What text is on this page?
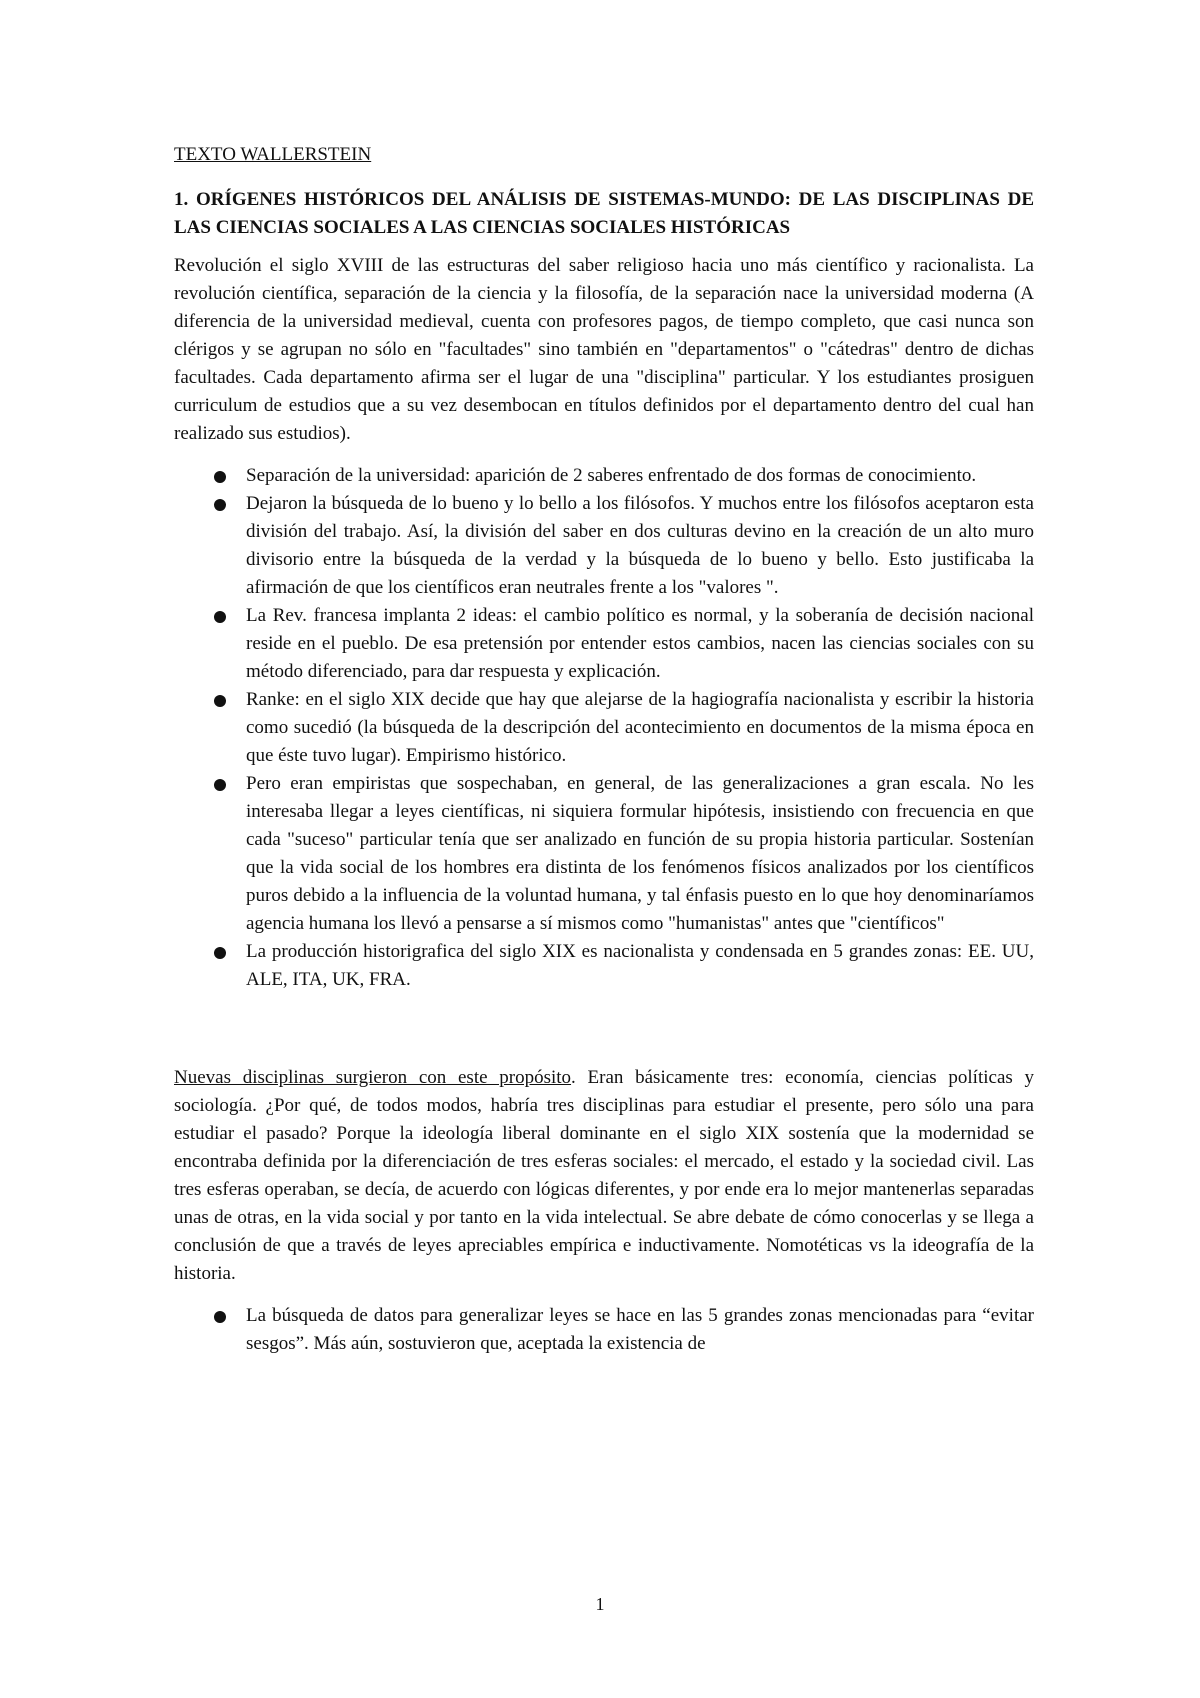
TEXTO WALLERSTEIN
1. ORÍGENES HISTÓRICOS DEL ANÁLISIS DE SISTEMAS-MUNDO: DE LAS DISCIPLINAS DE LAS CIENCIAS SOCIALES A LAS CIENCIAS SOCIALES HISTÓRICAS

Revolución el siglo XVIII de las estructuras del saber religioso hacia uno más científico y racionalista. La revolución científica, separación de la ciencia y la filosofía, de la separación nace la universidad moderna (A diferencia de la universidad medieval, cuenta con profesores pagos, de tiempo completo, que casi nunca son clérigos y se agrupan no sólo en "facultades" sino también en "departamentos" o "cátedras" dentro de dichas facultades. Cada departamento afirma ser el lugar de una "disciplina" particular. Y los estudiantes prosiguen curriculum de estudios que a su vez desembocan en títulos definidos por el departamento dentro del cual han realizado sus estudios).

Separación de la universidad: aparición de 2 saberes enfrentado de dos formas de conocimiento.
Dejaron la búsqueda de lo bueno y lo bello a los filósofos. Y muchos entre los filósofos aceptaron esta división del trabajo. Así, la división del saber en dos culturas devino en la creación de un alto muro divisorio entre la búsqueda de la verdad y la búsqueda de lo bueno y bello. Esto justificaba la afirmación de que los científicos eran neutrales frente a los "valores ".
La Rev. francesa implanta 2 ideas: el cambio político es normal, y la soberanía de decisión nacional reside en el pueblo. De esa pretensión por entender estos cambios, nacen las ciencias sociales con su método diferenciado, para dar respuesta y explicación.
Ranke: en el siglo XIX decide que hay que alejarse de la hagiografía nacionalista y escribir la historia como sucedió (la búsqueda de la descripción del acontecimiento en documentos de la misma época en que éste tuvo lugar). Empirismo histórico.
Pero eran empiristas que sospechaban, en general, de las generalizaciones a gran escala. No les interesaba llegar a leyes científicas, ni siquiera formular hipótesis, insistiendo con frecuencia en que cada "suceso" particular tenía que ser analizado en función de su propia historia particular. Sostenían que la vida social de los hombres era distinta de los fenómenos físicos analizados por los científicos puros debido a la influencia de la voluntad humana, y tal énfasis puesto en lo que hoy denominaríamos agencia humana los llevó a pensarse a sí mismos como "humanistas" antes que "científicos"
La producción historigrafica del siglo XIX es nacionalista y condensada en 5 grandes zonas: EE. UU, ALE, ITA, UK, FRA.

Nuevas disciplinas surgieron con este propósito. Eran básicamente tres: economía, ciencias políticas y sociología. ¿Por qué, de todos modos, habría tres disciplinas para estudiar el presente, pero sólo una para estudiar el pasado? Porque la ideología liberal dominante en el siglo XIX sostenía que la modernidad se encontraba definida por la diferenciación de tres esferas sociales: el mercado, el estado y la sociedad civil. Las tres esferas operaban, se decía, de acuerdo con lógicas diferentes, y por ende era lo mejor mantenerlas separadas unas de otras, en la vida social y por tanto en la vida intelectual. Se abre debate de cómo conocerlas y se llega a conclusión de que a través de leyes apreciables empírica e inductivamente. Nomotéticas vs la ideografía de la historia.

La búsqueda de datos para generalizar leyes se hace en las 5 grandes zonas mencionadas para “evitar sesgos”. Más aún, sostuvieron que, aceptada la existencia de
1
